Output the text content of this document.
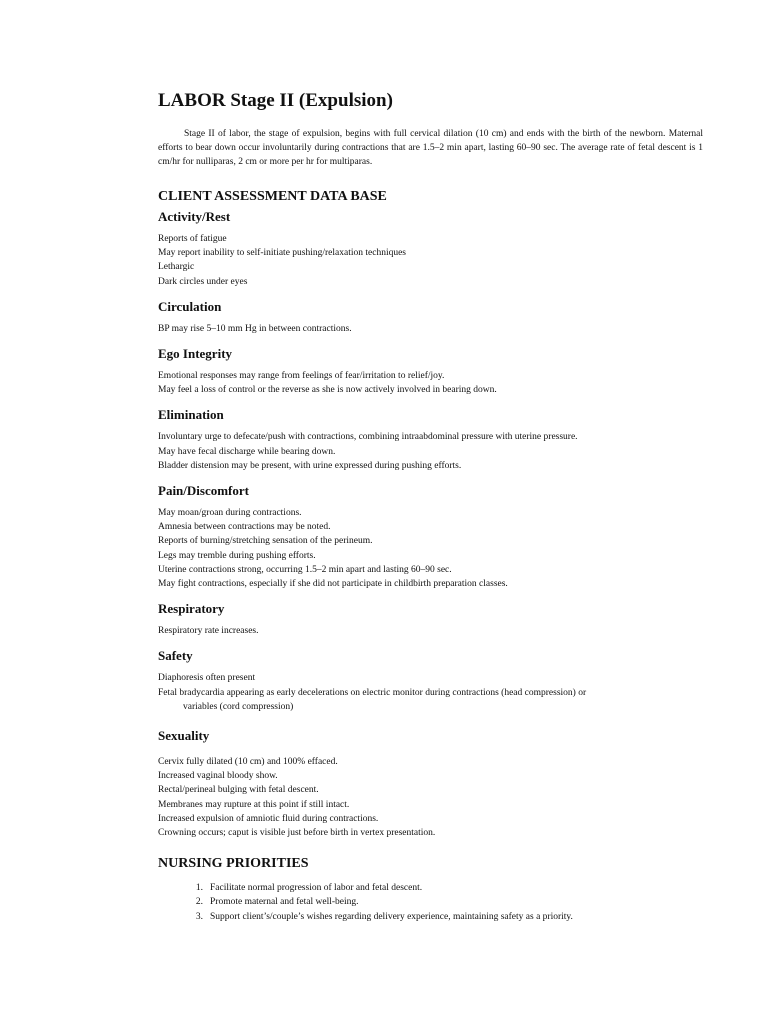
LABOR Stage II (Expulsion)

Stage II of labor, the stage of expulsion, begins with full cervical dilation (10 cm) and ends with the birth of the newborn. Maternal efforts to bear down occur involuntarily during contractions that are 1.5–2 min apart, lasting 60–90 sec. The average rate of fetal descent is 1 cm/hr for nulliparas, 2 cm or more per hr for multiparas.

CLIENT ASSESSMENT DATA BASE
Activity/Rest
Reports of fatigue
May report inability to self-initiate pushing/relaxation techniques
Lethargic
Dark circles under eyes
Circulation
BP may rise 5–10 mm Hg in between contractions.
Ego Integrity
Emotional responses may range from feelings of fear/irritation to relief/joy.
May feel a loss of control or the reverse as she is now actively involved in bearing down.
Elimination
Involuntary urge to defecate/push with contractions, combining intraabdominal pressure with uterine pressure.
May have fecal discharge while bearing down.
Bladder distension may be present, with urine expressed during pushing efforts.
Pain/Discomfort
May moan/groan during contractions.
Amnesia between contractions may be noted.
Reports of burning/stretching sensation of the perineum.
Legs may tremble during pushing efforts.
Uterine contractions strong, occurring 1.5–2 min apart and lasting 60–90 sec.
May fight contractions, especially if she did not participate in childbirth preparation classes.
Respiratory
Respiratory rate increases.
Safety
Diaphoresis often present
Fetal bradycardia appearing as early decelerations on electric monitor during contractions (head compression) or
variables (cord compression)
Sexuality
Cervix fully dilated (10 cm) and 100% effaced.
Increased vaginal bloody show.
Rectal/perineal bulging with fetal descent.
Membranes may rupture at this point if still intact.
Increased expulsion of amniotic fluid during contractions.
Crowning occurs; caput is visible just before birth in vertex presentation.
NURSING PRIORITIES
1. Facilitate normal progression of labor and fetal descent.
2. Promote maternal and fetal well-being.
3. Support client’s/couple’s wishes regarding delivery experience, maintaining safety as a priority.
